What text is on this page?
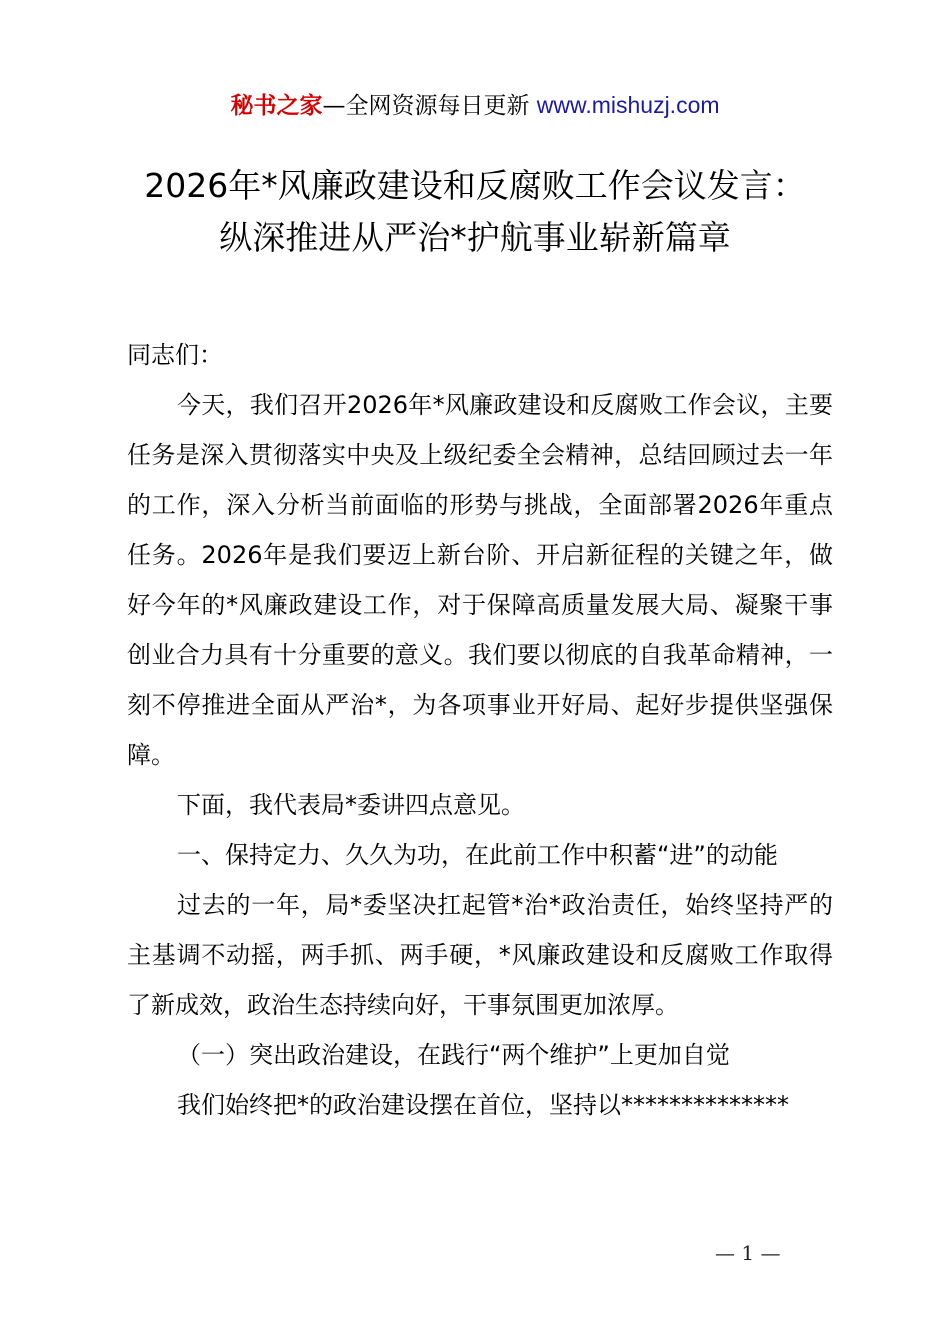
秘书之家—全网资源每日更新 www.mishuzj.com
2026年*风廉政建设和反腐败工作会议发言：
纵深推进从严治*护航事业崭新篇章

同志们：

今天，我们召开2026年*风廉政建设和反腐败工作会议，主要任务是深入贯彻落实中央及上级纪委全会精神，总结回顾过去一年的工作，深入分析当前面临的形势与挑战，全面部署2026年重点任务。2026年是我们要迈上新台阶、开启新征程的关键之年，做好今年的*风廉政建设工作，对于保障高质量发展大局、凝聚干事创业合力具有十分重要的意义。我们要以彻底的自我革命精神，一刻不停推进全面从严治*，为各项事业开好局、起好步提供坚强保障。

下面，我代表局*委讲四点意见。

一、保持定力、久久为功，在此前工作中积蓄“进”的动能

过去的一年，局*委坚决扛起管*治*政治责任，始终坚持严的主基调不动摇，两手抓、两手硬，*风廉政建设和反腐败工作取得了新成效，政治生态持续向好，干事氛围更加浓厚。

（一）突出政治建设，在践行“两个维护”上更加自觉

我们始终把*的政治建设摆在首位，坚持以**************

— 1 —
